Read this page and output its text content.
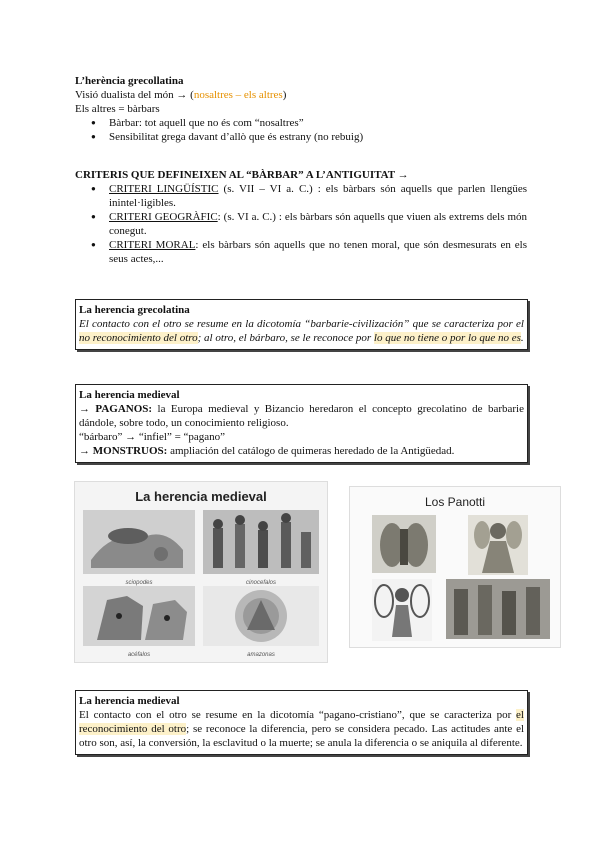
L’herència grecollatina

Visió dualista del món → (nosaltres – els altres)

Els altres = bàrbars

● Bàrbar: tot aquell que no és com “nosaltres”
● Sensibilitat grega davant d’allò que és estrany (no rebuig)
CRITERIS QUE DEFINEIXEN AL “BÀRBAR” A L’ANTIGUITAT →
● CRITERI LINGÜÍSTIC (s. VII – VI a. C.) : els bàrbars són aquells que parlen llengües inintel·ligibles.
● CRITERI GEOGRÀFIC: (s. VI a. C.) : els bàrbars són aquells que viuen als extrems dels món conegut.
● CRITERI MORAL: els bàrbars són aquells que no tenen moral, que són desmesurats en els seus actes,...
La herencia grecolatina

El contacto con el otro se resume en la dicotomía “barbarie-civilización” que se caracteriza por el no reconocimiento del otro; al otro, el bárbaro, se le reconoce por lo que no tiene o por lo que no es.

La herencia medieval

→ PAGANOS: la Europa medieval y Bizancio heredaron el concepto grecolatino de barbarie dándole, sobre todo, un conocimiento religioso.

“bárbaro” → “infiel” = “pagano”

→ MONSTRUOS: ampliación del catálogo de quimeras heredado de la Antigüedad.

La herencia medieval
sciopodes	cinocefalos
acéfalos	amazonas
Los Panotti
La herencia medieval

El contacto con el otro se resume en la dicotomía “pagano-cristiano”, que se caracteriza por el reconocimiento del otro; se reconoce la diferencia, pero se considera pecado. Las actitudes ante el otro son, así, la conversión, la esclavitud o la muerte; se anula la diferencia o se aniquila al diferente.
